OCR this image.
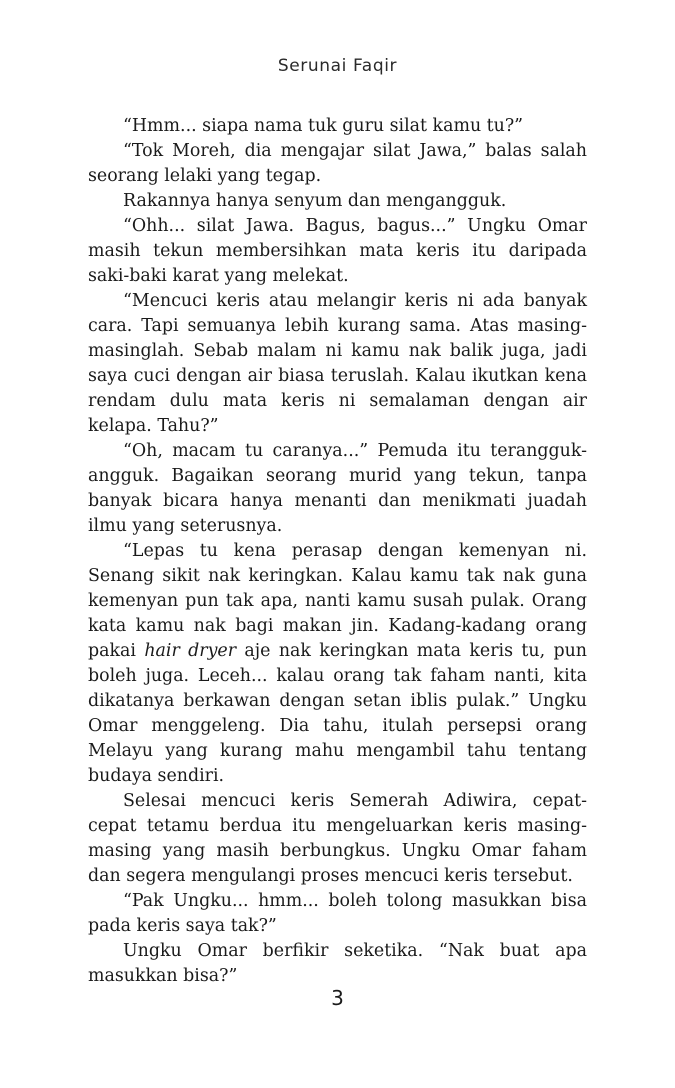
Serunai Faqir

“Hmm... siapa nama tuk guru silat kamu tu?”

“Tok Moreh, dia mengajar silat Jawa,” balas salah seorang lelaki yang tegap.

Rakannya hanya senyum dan mengangguk.

“Ohh... silat Jawa. Bagus, bagus...” Ungku Omar masih tekun membersihkan mata keris itu daripada saki-baki karat yang melekat.

“Mencuci keris atau melangir keris ni ada banyak cara. Tapi semuanya lebih kurang sama. Atas masing-masinglah. Sebab malam ni kamu nak balik juga, jadi saya cuci dengan air biasa teruslah. Kalau ikutkan kena rendam dulu mata keris ni semalaman dengan air kelapa. Tahu?”

“Oh, macam tu caranya...” Pemuda itu terangguk-angguk. Bagaikan seorang murid yang tekun, tanpa banyak bicara hanya menanti dan menikmati juadah ilmu yang seterusnya.

“Lepas tu kena perasap dengan kemenyan ni. Senang sikit nak keringkan. Kalau kamu tak nak guna kemenyan pun tak apa, nanti kamu susah pulak. Orang kata kamu nak bagi makan jin. Kadang-kadang orang pakai hair dryer aje nak keringkan mata keris tu, pun boleh juga. Leceh... kalau orang tak faham nanti, kita dikatanya berkawan dengan setan iblis pulak.” Ungku Omar menggeleng. Dia tahu, itulah persepsi orang Melayu yang kurang mahu mengambil tahu tentang budaya sendiri.

Selesai mencuci keris Semerah Adiwira, cepat-cepat tetamu berdua itu mengeluarkan keris masing-masing yang masih berbungkus. Ungku Omar faham dan segera mengulangi proses mencuci keris tersebut.

“Pak Ungku... hmm... boleh tolong masukkan bisa pada keris saya tak?”

Ungku Omar berfikir seketika. “Nak buat apa masukkan bisa?”

3
